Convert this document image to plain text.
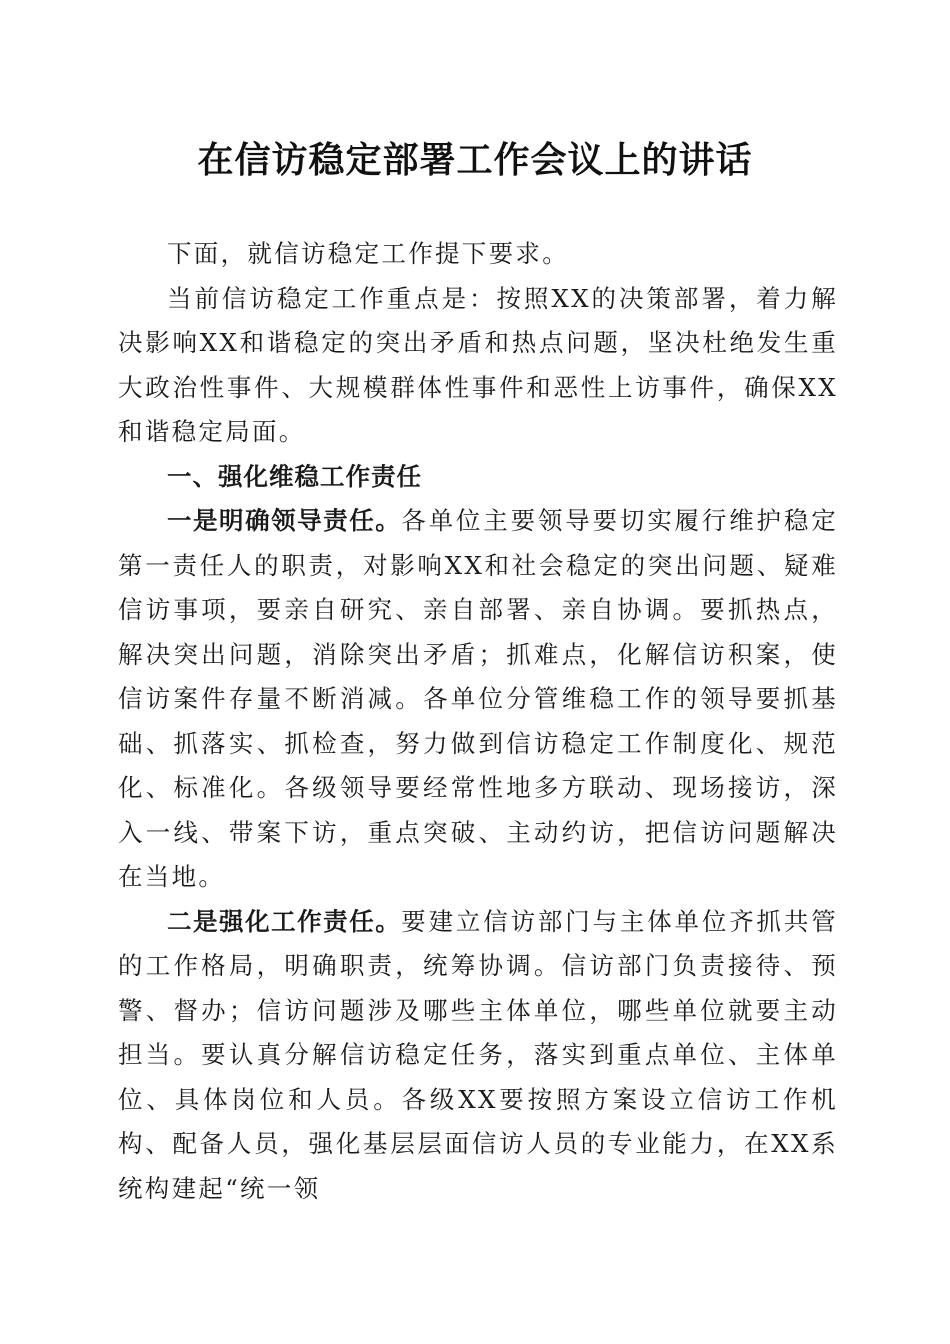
在信访稳定部署工作会议上的讲话

下面，就信访稳定工作提下要求。

当前信访稳定工作重点是：按照XX的决策部署，着力解决影响XX和谐稳定的突出矛盾和热点问题，坚决杜绝发生重大政治性事件、大规模群体性事件和恶性上访事件，确保XX和谐稳定局面。

一、强化维稳工作责任

一是明确领导责任。各单位主要领导要切实履行维护稳定第一责任人的职责，对影响XX和社会稳定的突出问题、疑难信访事项，要亲自研究、亲自部署、亲自协调。要抓热点，解决突出问题，消除突出矛盾；抓难点，化解信访积案，使信访案件存量不断消减。各单位分管维稳工作的领导要抓基础、抓落实、抓检查，努力做到信访稳定工作制度化、规范化、标准化。各级领导要经常性地多方联动、现场接访，深入一线、带案下访，重点突破、主动约访，把信访问题解决在当地。

二是强化工作责任。要建立信访部门与主体单位齐抓共管的工作格局，明确职责，统筹协调。信访部门负责接待、预警、督办；信访问题涉及哪些主体单位，哪些单位就要主动担当。要认真分解信访稳定任务，落实到重点单位、主体单位、具体岗位和人员。各级XX要按照方案设立信访工作机构、配备人员，强化基层层面信访人员的专业能力，在XX系统构建起“统一领
